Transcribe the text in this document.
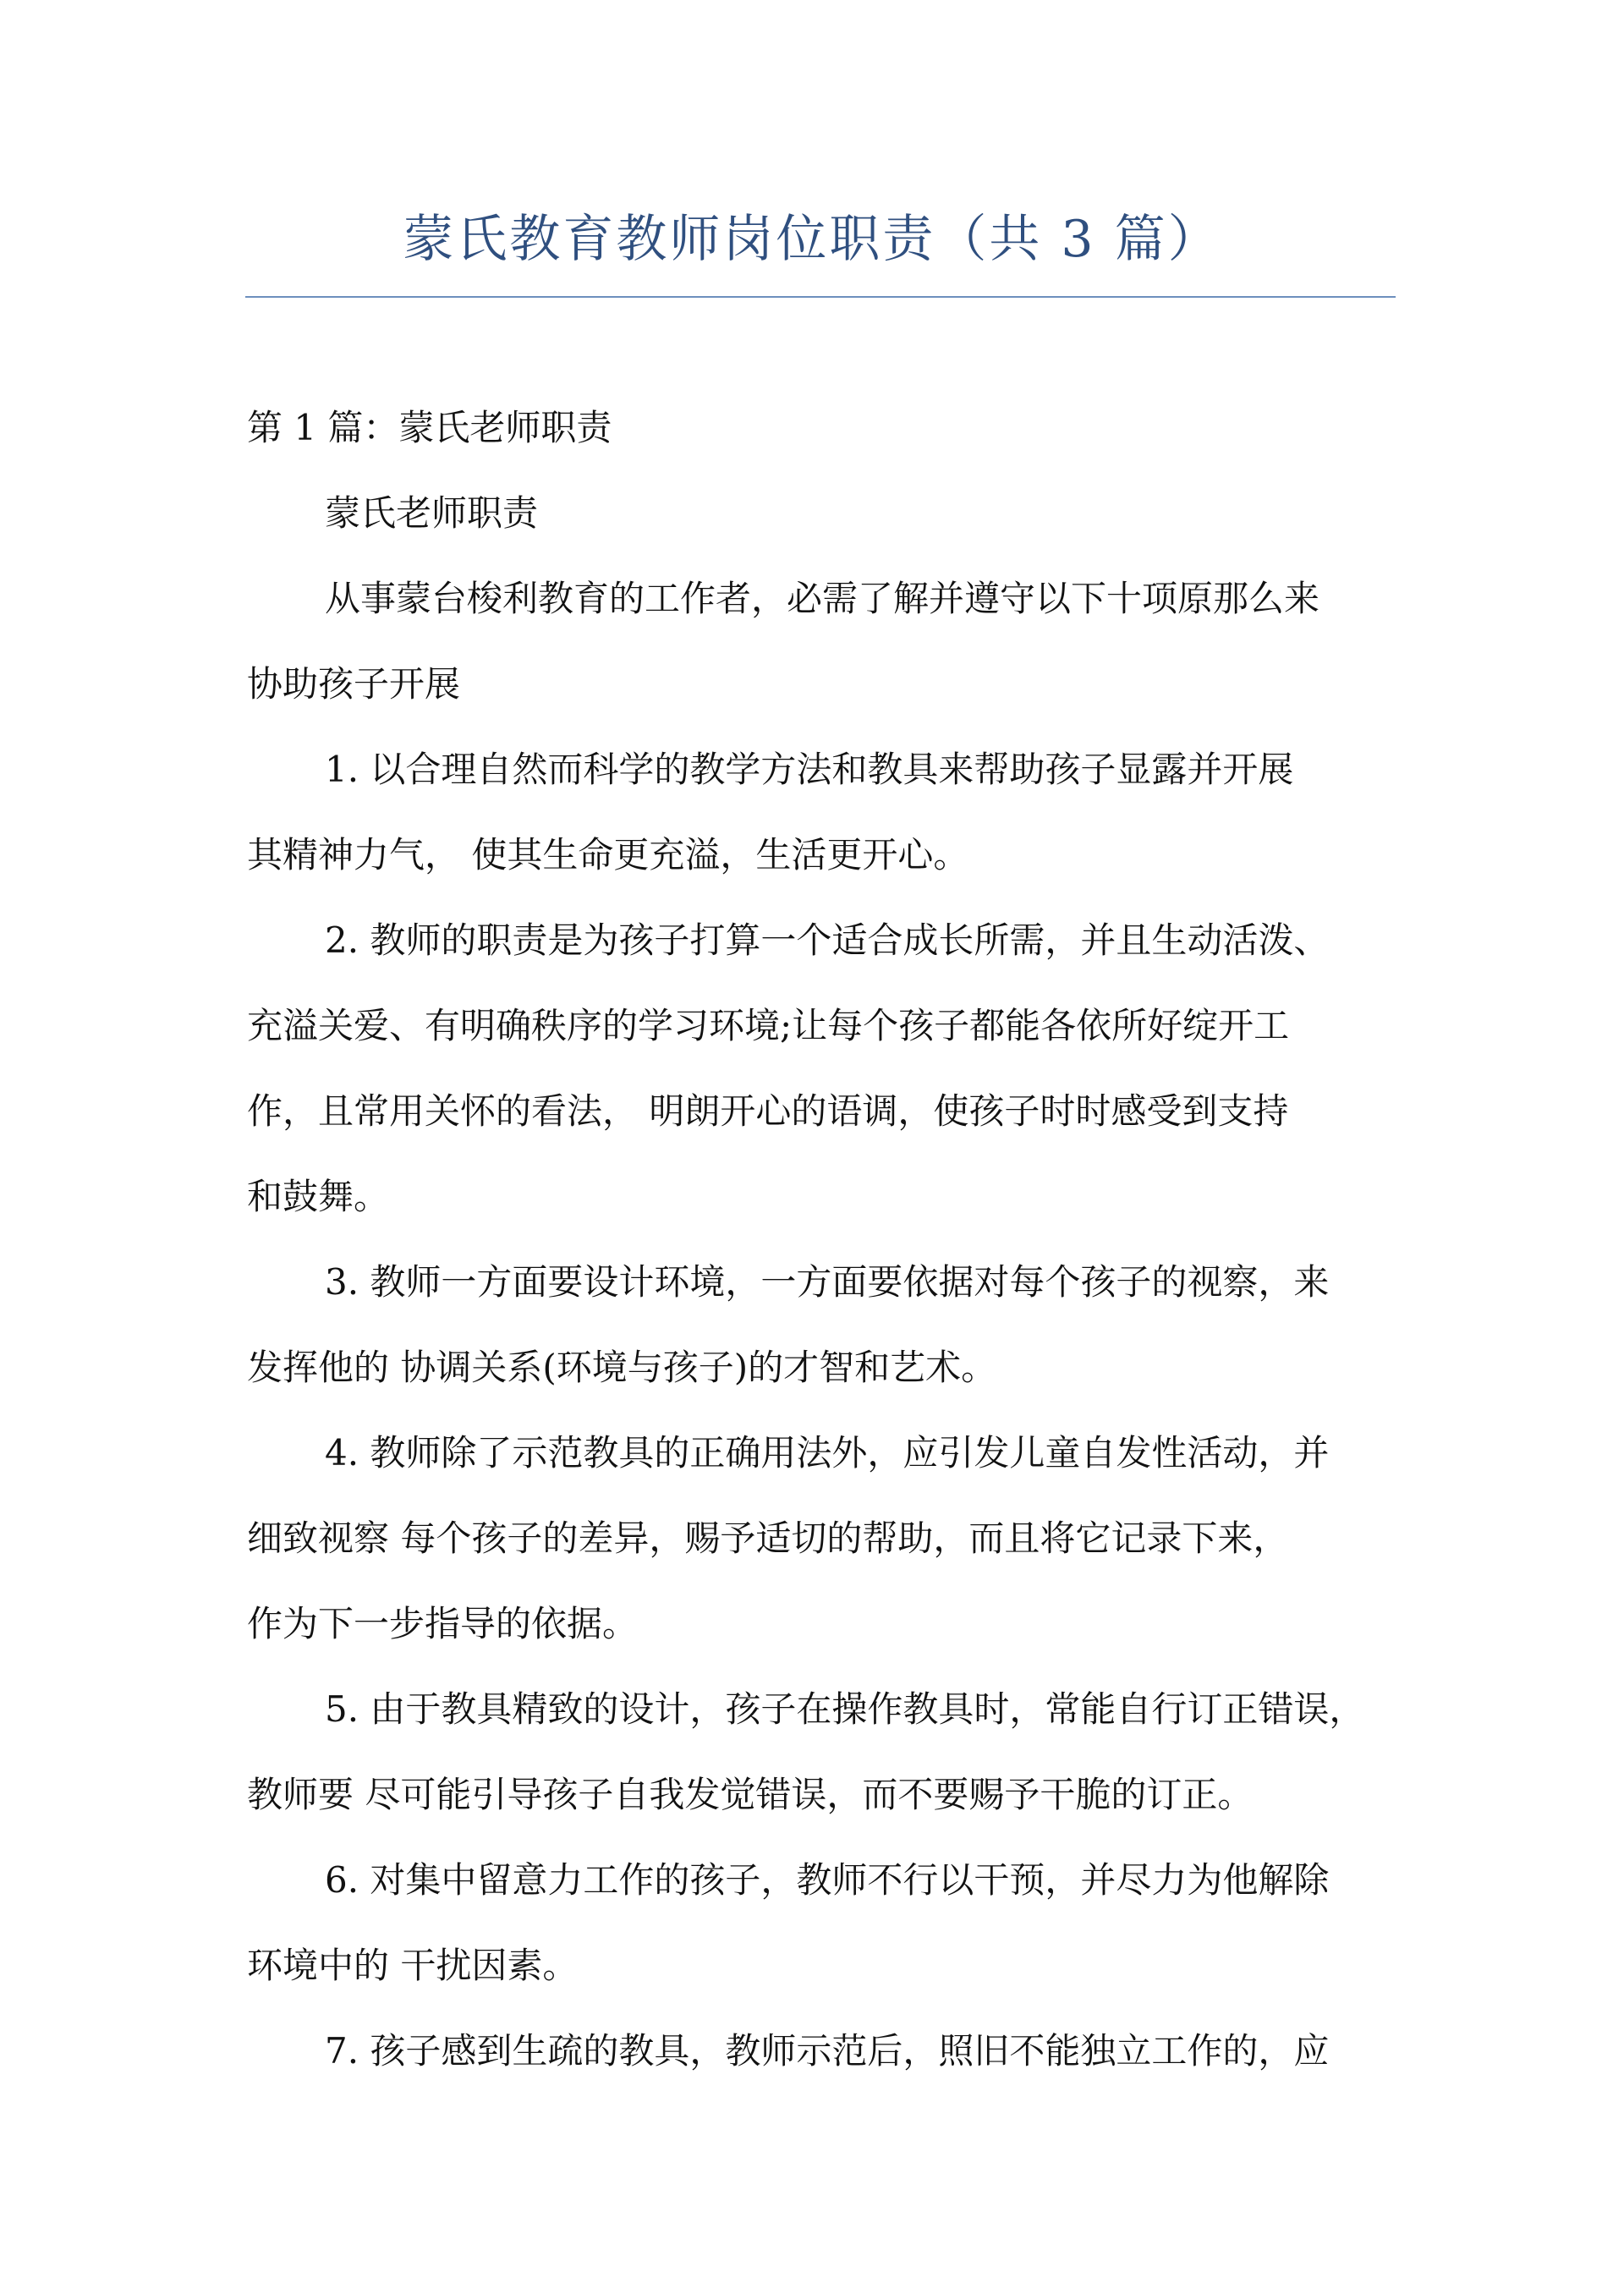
蒙氏教育教师岗位职责（共 3 篇）
第 1 篇：蒙氏老师职责
蒙氏老师职责
从事蒙台梭利教育的工作者，必需了解并遵守以下十项原那么来
协助孩子开展
1. 以合理自然而科学的教学方法和教具来帮助孩子显露并开展
其精神力气， 使其生命更充溢，生活更开心。
2. 教师的职责是为孩子打算一个适合成长所需，并且生动活泼、
充溢关爱、有明确秩序的学习环境;让每个孩子都能各依所好绽开工
作，且常用关怀的看法， 明朗开心的语调，使孩子时时感受到支持
和鼓舞。
3. 教师一方面要设计环境，一方面要依据对每个孩子的视察，来
发挥他的 协调关系(环境与孩子)的才智和艺术。
4. 教师除了示范教具的正确用法外，应引发儿童自发性活动，并
细致视察 每个孩子的差异，赐予适切的帮助，而且将它记录下来，
作为下一步指导的依据。
5. 由于教具精致的设计，孩子在操作教具时，常能自行订正错误，
教师要 尽可能引导孩子自我发觉错误，而不要赐予干脆的订正。
6. 对集中留意力工作的孩子，教师不行以干预，并尽力为他解除
环境中的 干扰因素。
7. 孩子感到生疏的教具，教师示范后，照旧不能独立工作的，应
